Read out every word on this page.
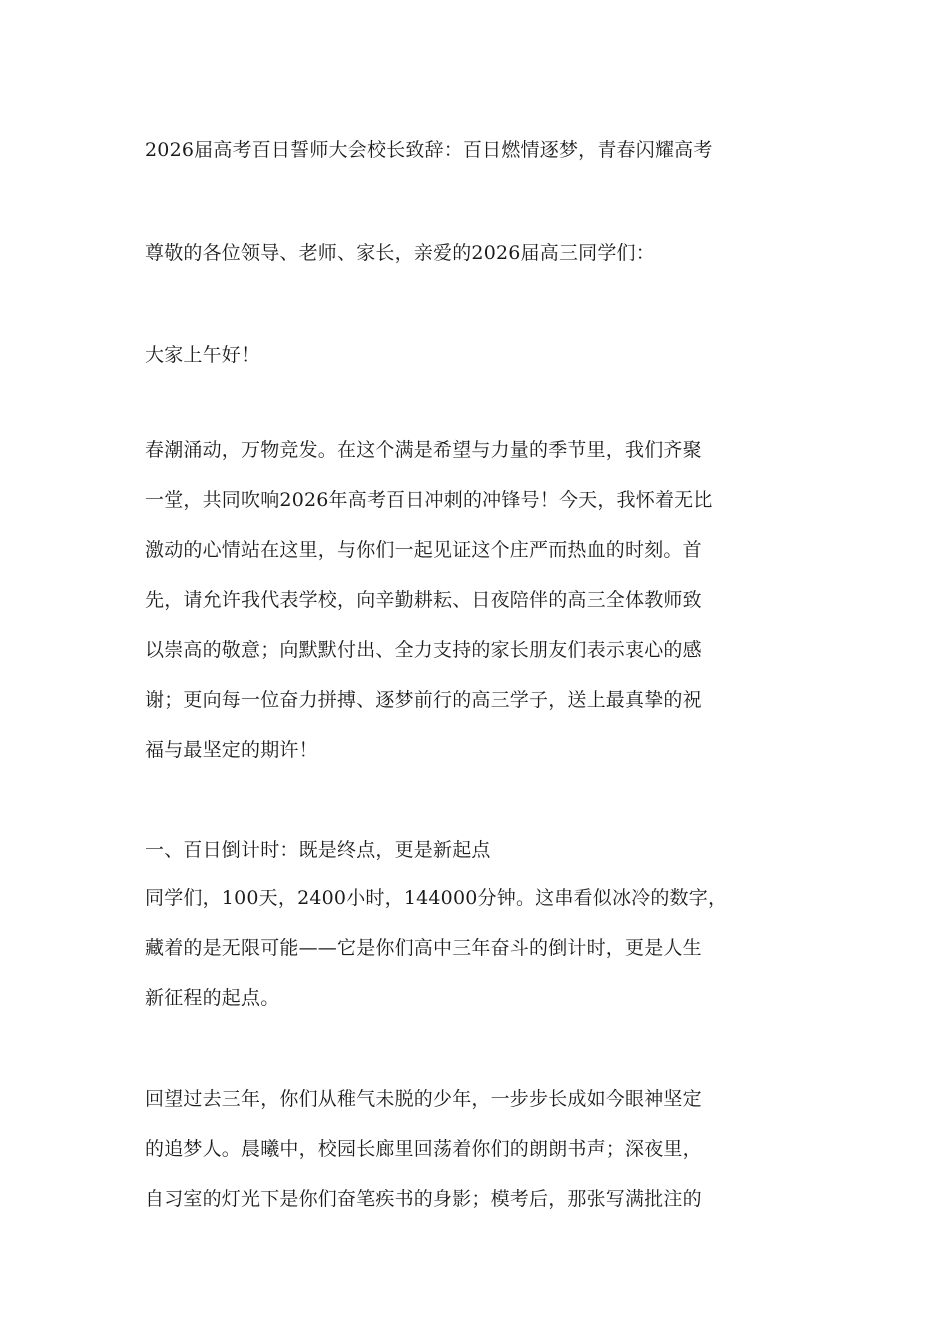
2026届高考百日誓师大会校长致辞：百日燃情逐梦，青春闪耀高考
尊敬的各位领导、老师、家长，亲爱的2026届高三同学们：
大家上午好！
春潮涌动，万物竞发。在这个满是希望与力量的季节里，我们齐聚
一堂，共同吹响2026年高考百日冲刺的冲锋号！今天，我怀着无比
激动的心情站在这里，与你们一起见证这个庄严而热血的时刻。首
先，请允许我代表学校，向辛勤耕耘、日夜陪伴的高三全体教师致
以崇高的敬意；向默默付出、全力支持的家长朋友们表示衷心的感
谢；更向每一位奋力拼搏、逐梦前行的高三学子，送上最真挚的祝
福与最坚定的期许！
一、百日倒计时：既是终点，更是新起点
同学们，100天，2400小时，144000分钟。这串看似冰冷的数字，
藏着的是无限可能——它是你们高中三年奋斗的倒计时，更是人生
新征程的起点。
回望过去三年，你们从稚气未脱的少年，一步步长成如今眼神坚定
的追梦人。晨曦中，校园长廊里回荡着你们的朗朗书声；深夜里，
自习室的灯光下是你们奋笔疾书的身影；模考后，那张写满批注的
